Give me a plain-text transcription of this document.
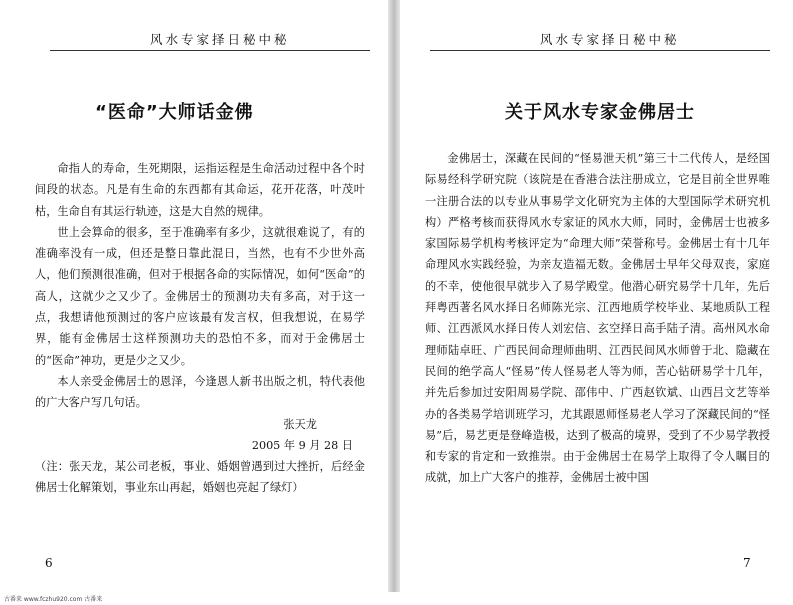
风水专家择日秘中秘
“医命”大师话金佛

命指人的寿命，生死期限，运指运程是生命活动过程中各个时间段的状态。凡是有生命的东西都有其命运，花开花落，叶茂叶枯，生命自有其运行轨迹，这是大自然的规律。

世上会算命的很多，至于准确率有多少，这就很难说了，有的准确率没有一成，但还是整日靠此混日，当然，也有不少世外高人，他们预测很准确，但对于根据各命的实际情况，如何“医命”的高人，这就少之又少了。金佛居士的预测功夫有多高，对于这一点，我想请他预测过的客户应该最有发言权，但我想说，在易学界，能有金佛居士这样预测功夫的恐怕不多，而对于金佛居士的“医命”神功，更是少之又少。

本人亲受金佛居士的恩泽，今逢恩人新书出版之机，特代表他的广大客户写几句话。

张天龙

2005 年 9 月 28 日

（注：张天龙，某公司老板，事业、婚姻曾遇到过大挫折，后经金佛居士化解策划，事业东山再起，婚姻也亮起了绿灯）

6
风水专家择日秘中秘
关于风水专家金佛居士

金佛居士，深藏在民间的“怪易泄天机”第三十二代传人，是经国际易经科学研究院（该院是在香港合法注册成立，它是目前全世界唯一注册合法的以专业从事易学文化研究为主体的大型国际学术研究机构）严格考核而获得风水专家证的风水大师，同时，金佛居士也被多家国际易学机构考核评定为“命理大师”荣誉称号。金佛居士有十几年命理风水实践经验，为亲友造福无数。金佛居士早年父母双丧，家庭的不幸，使他很早就步入了易学殿堂。他潜心研究易学十几年，先后拜粤西著名风水择日名师陈光宗、江西地质学校毕业、某地质队工程师、江西派风水择日传人刘宏信、玄空择日高手陆子清。高州风水命理师陆卓旺、广西民间命理师曲明、江西民间风水师曾于北、隐藏在民间的绝学高人“怪易”传人怪易老人等为师，苦心钻研易学十几年，并先后参加过安阳周易学院、邵伟中、广西赵钦斌、山西吕文艺等举办的各类易学培训班学习，尤其跟恩师怪易老人学习了深藏民间的“怪易”后，易艺更是登峰造极，达到了极高的境界，受到了不少易学教授和专家的肯定和一致推崇。由于金佛居士在易学上取得了令人瞩目的成就，加上广大客户的推荐，金佛居士被中国

7
古番来 www.fczhu920.com 古番来
